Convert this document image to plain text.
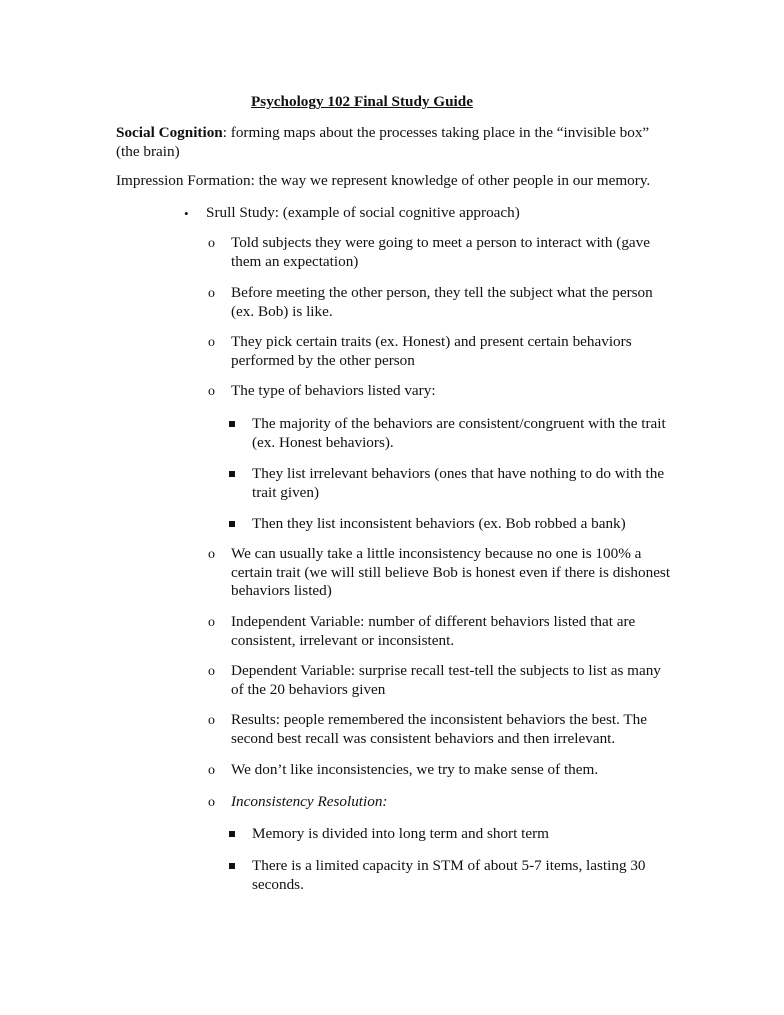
Psychology 102 Final Study Guide
Social Cognition: forming maps about the processes taking place in the “invisible box” (the brain)
Impression Formation: the way we represent knowledge of other people in our memory.
• Srull Study: (example of social cognitive approach)
o Told subjects they were going to meet a person to interact with (gave them an expectation)
o Before meeting the other person, they tell the subject what the person (ex. Bob) is like.
o They pick certain traits (ex. Honest) and present certain behaviors performed by the other person
o The type of behaviors listed vary:
The majority of the behaviors are consistent/congruent with the trait (ex. Honest behaviors).
They list irrelevant behaviors (ones that have nothing to do with the trait given)
Then they list inconsistent behaviors (ex. Bob robbed a bank)
o We can usually take a little inconsistency because no one is 100% a certain trait (we will still believe Bob is honest even if there is dishonest behaviors listed)
o Independent Variable: number of different behaviors listed that are consistent, irrelevant or inconsistent.
o Dependent Variable: surprise recall test-tell the subjects to list as many of the 20 behaviors given
o Results: people remembered the inconsistent behaviors the best. The second best recall was consistent behaviors and then irrelevant.
o We don’t like inconsistencies, we try to make sense of them.
o Inconsistency Resolution:
Memory is divided into long term and short term
There is a limited capacity in STM of about 5-7 items, lasting 30 seconds.
